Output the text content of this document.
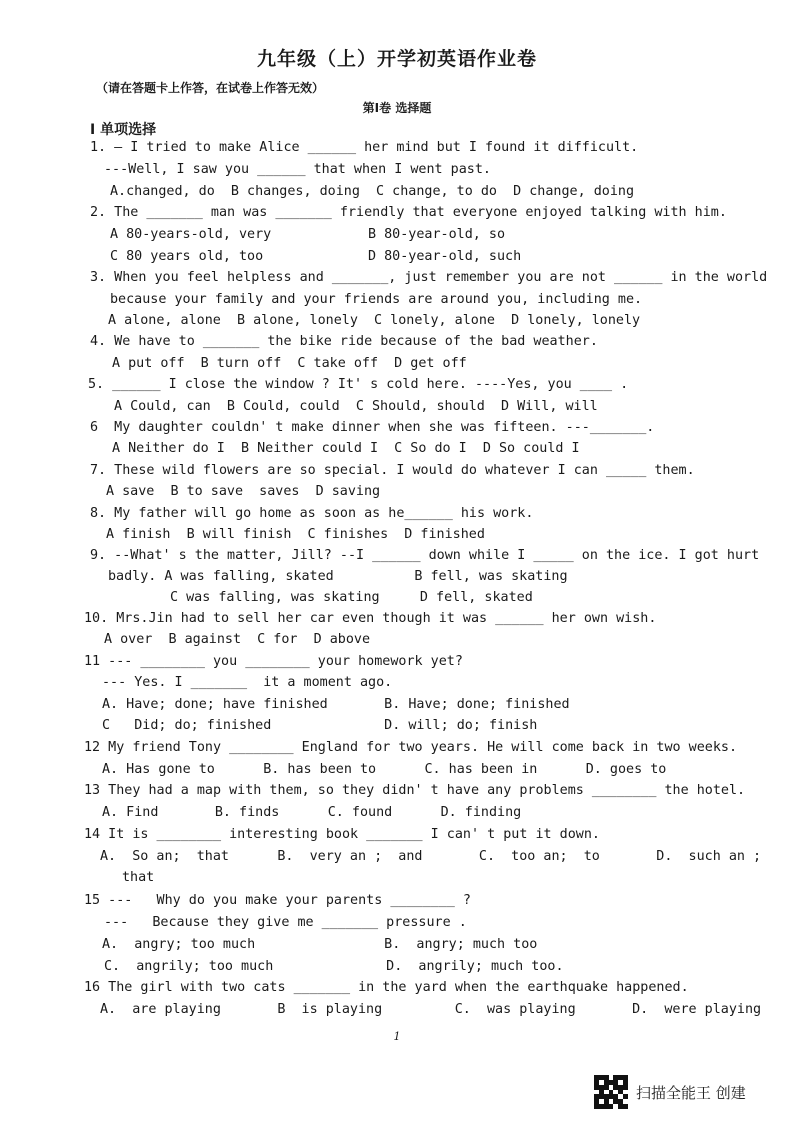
九年级（上）开学初英语作业卷
（请在答题卡上作答，在试卷上作答无效）
第Ⅰ卷 选择题
Ⅰ 单项选择
1. — I tried to make Alice ______ her mind but I found it difficult.
---Well, I saw you ______ that when I went past.
A.changed, do  B changes, doing  C change, to do  D change, doing
2. The _______ man was _______ friendly that everyone enjoyed talking with him.
A 80-years-old, very            B 80-year-old, so
C 80 years old, too             D 80-year-old, such
3. When you feel helpless and _______, just remember you are not ______ in the world
because your family and your friends are around you, including me.
A alone, alone  B alone, lonely  C lonely, alone  D lonely, lonely
4. We have to _______ the bike ride because of the bad weather.
A put off  B turn off  C take off  D get off
5. ______ I close the window ? It' s cold here. ----Yes, you ____ .
A Could, can  B Could, could  C Should, should  D Will, will
6  My daughter couldn' t make dinner when she was fifteen. ---_______.
A Neither do I  B Neither could I  C So do I  D So could I
7. These wild flowers are so special. I would do whatever I can _____ them.
A save  B to save  saves  D saving
8. My father will go home as soon as he______ his work.
A finish  B will finish  C finishes  D finished
9. --What' s the matter, Jill? --I ______ down while I _____ on the ice. I got hurt
badly. A was falling, skated          B fell, was skating
C was falling, was skating     D fell, skated
10. Mrs.Jin had to sell her car even though it was ______ her own wish.
A over  B against  C for  D above
11 --- ________ you ________ your homework yet?
--- Yes. I _______  it a moment ago.
A. Have; done; have finished       B. Have; done; finished
C   Did; do; finished              D. will; do; finish
12 My friend Tony ________ England for two years. He will come back in two weeks.
A. Has gone to      B. has been to      C. has been in      D. goes to
13 They had a map with them, so they didn' t have any problems ________ the hotel.
A. Find       B. finds      C. found      D. finding
14 It is ________ interesting book _______ I can' t put it down.
A.  So an;  that      B.  very an ;  and       C.  too an;  to       D.  such an ;
that
15 ---   Why do you make your parents ________ ?
---   Because they give me _______ pressure .
A.  angry; too much                B.  angry; much too
C.  angrily; too much              D.  angrily; much too.
16 The girl with two cats _______ in the yard when the earthquake happened.
A.  are playing       B  is playing         C.  was playing       D.  were playing
1
扫描全能王 创建
